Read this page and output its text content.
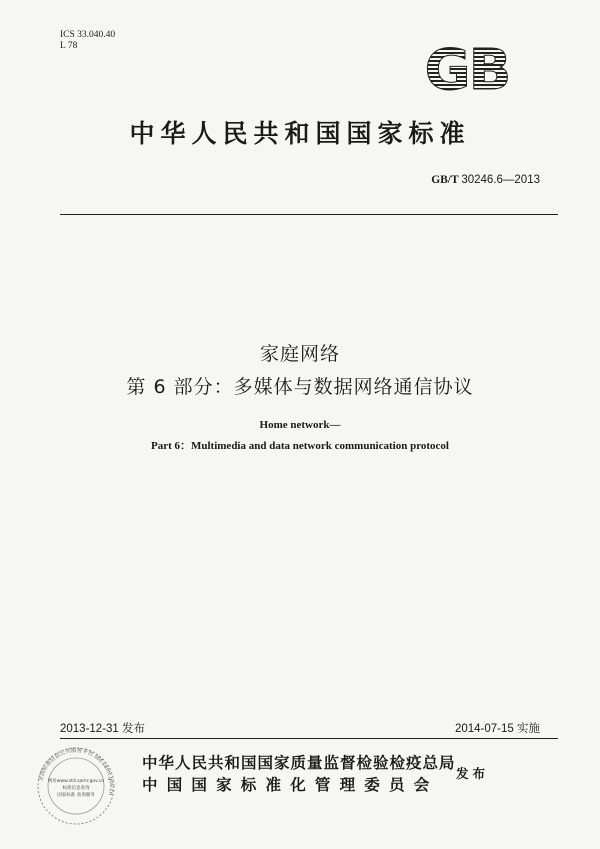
ICS 33.040.40
L 78	GB
中华人民共和国国家标准
GB/T 30246.6—2013
家庭网络
第 6 部分：多媒体与数据网络通信协议
Home network—
Part 6：Multimedia and data network communication protocol
2013-12-31 发布	2014-07-15 实施
全国标准信息公共服务平台 std.samr.gov.cn
网址www.std.samr.gov.cn
标准信息查询
国家标准 查询服务
中华人民共和国国家质量监督检验检疫总局
中国国家标准化管理委员会
发布
